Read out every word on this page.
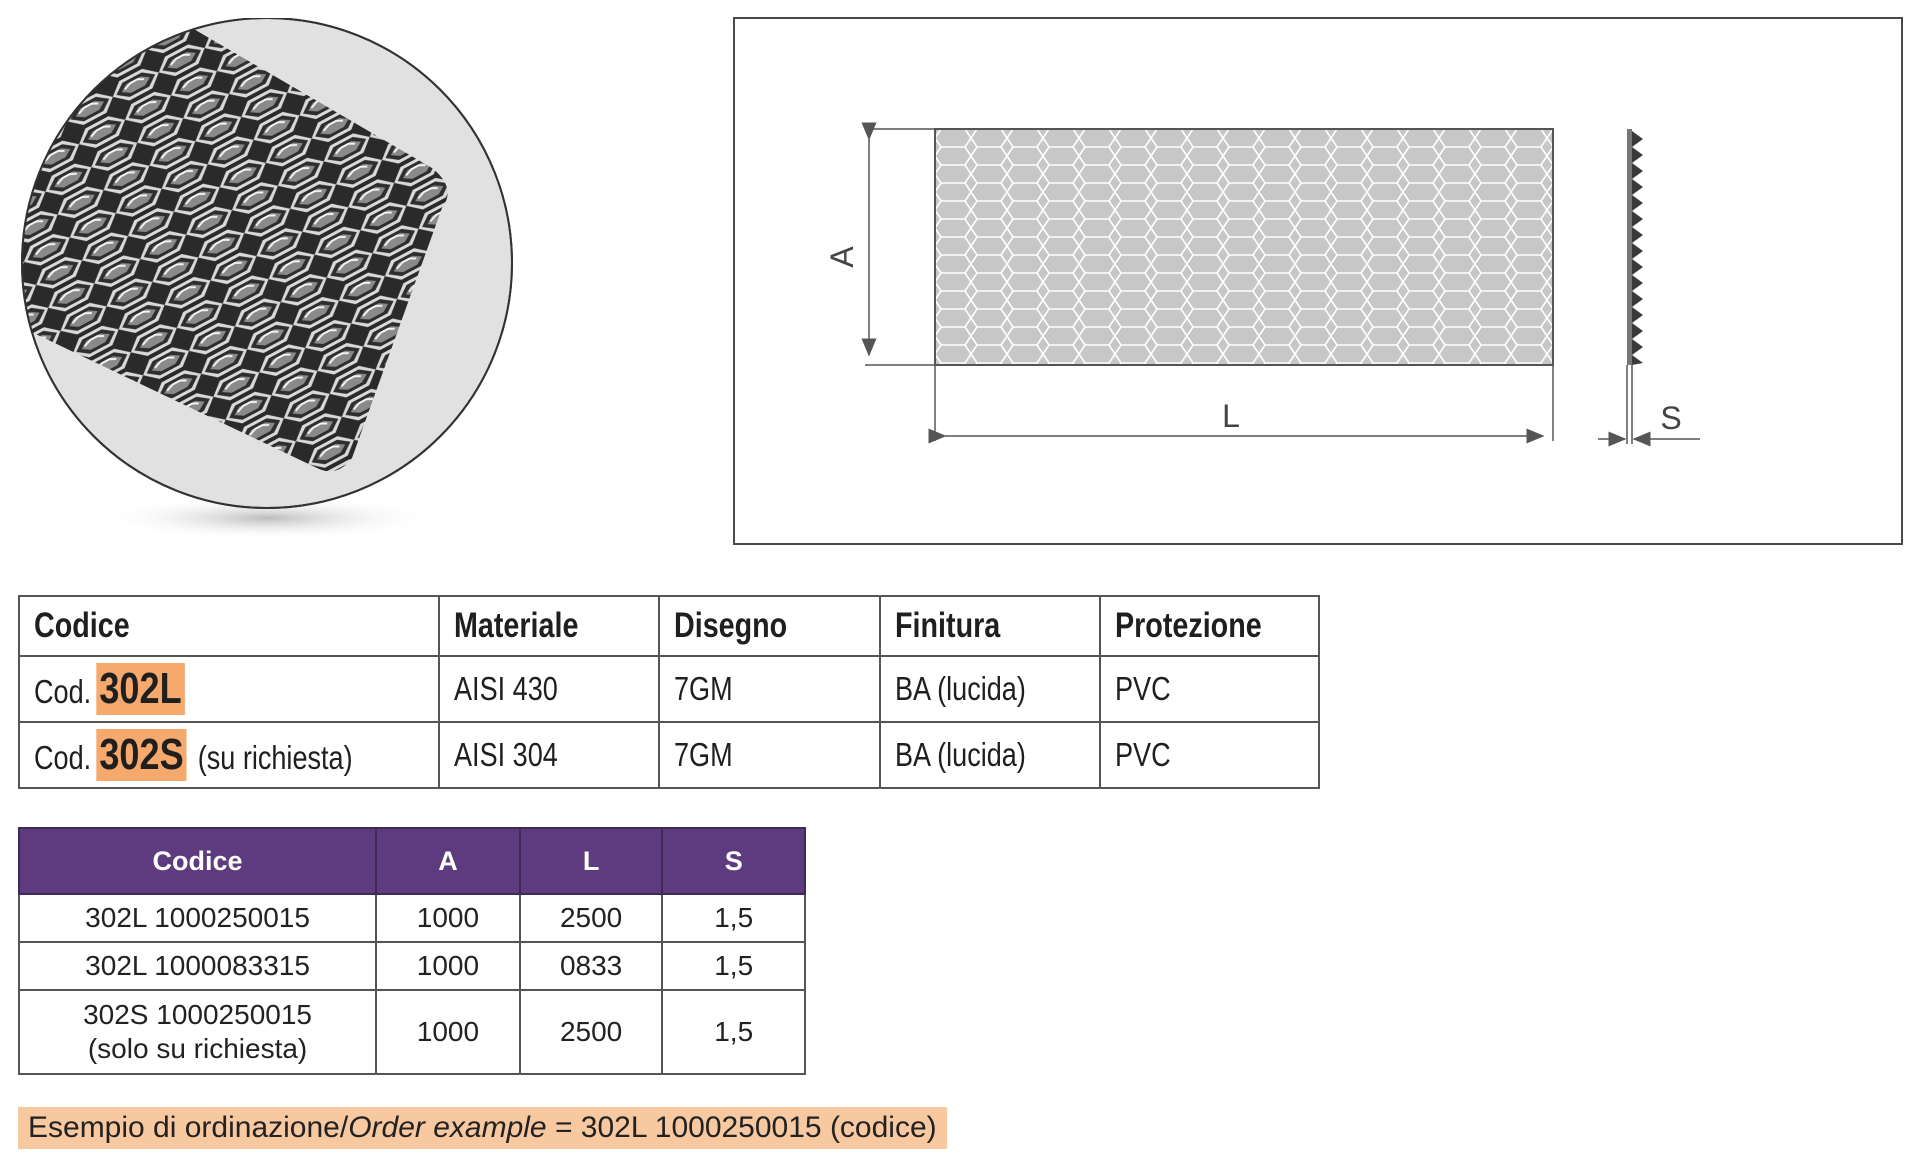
A
L	S
Codice	Materiale	Disegno	Finitura	Protezione
Cod. 302L	AISI 430	7GM	BA (lucida)	PVC
Cod. 302S (su richiesta)	AISI 304	7GM	BA (lucida)	PVC
Codice	A	L	S
302L 1000250015	1000	2500	1,5
302L 1000083315	1000	0833	1,5

302S 1000250015
(solo su richiesta)	1000	2500	1,5
Esempio di ordinazione/Order example = 302L 1000250015 (codice)
